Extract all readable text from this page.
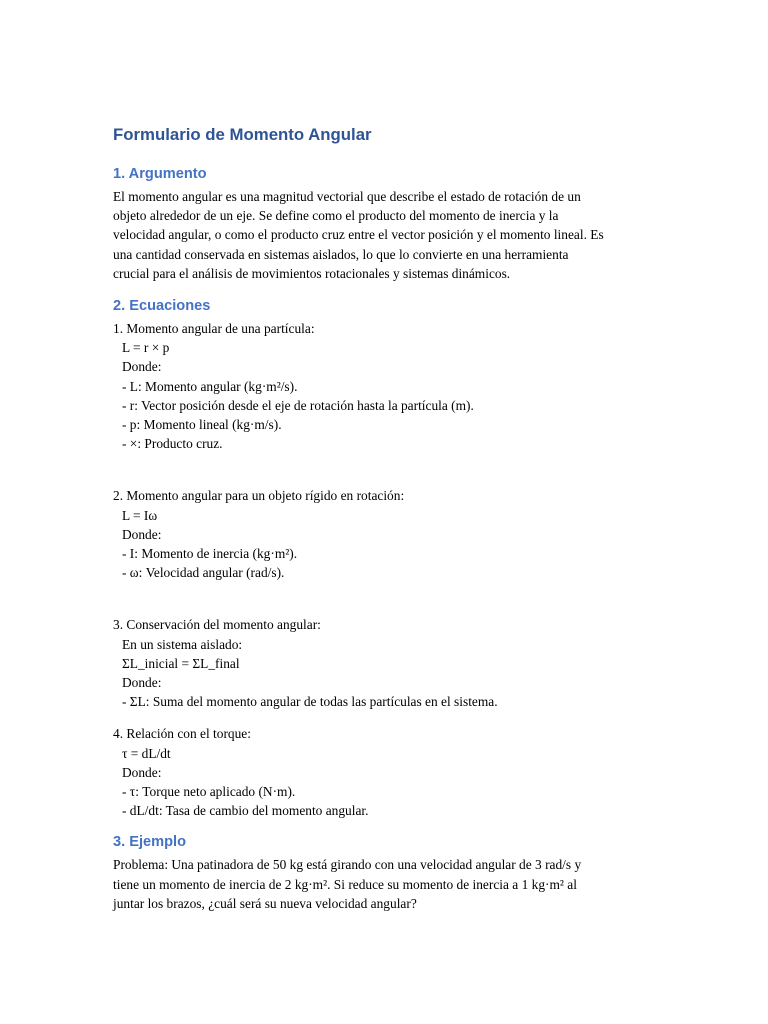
Formulario de Momento Angular
1. Argumento
El momento angular es una magnitud vectorial que describe el estado de rotación de un
objeto alrededor de un eje. Se define como el producto del momento de inercia y la
velocidad angular, o como el producto cruz entre el vector posición y el momento lineal. Es
una cantidad conservada en sistemas aislados, lo que lo convierte en una herramienta
crucial para el análisis de movimientos rotacionales y sistemas dinámicos.
2. Ecuaciones
1. Momento angular de una partícula:
L = r × p
Donde:
- L: Momento angular (kg·m²/s).
- r: Vector posición desde el eje de rotación hasta la partícula (m).
- p: Momento lineal (kg·m/s).
- ×: Producto cruz.
2. Momento angular para un objeto rígido en rotación:
L = Iω
Donde:
- I: Momento de inercia (kg·m²).
- ω: Velocidad angular (rad/s).
3. Conservación del momento angular:
En un sistema aislado:
ΣL_inicial = ΣL_final
Donde:
- ΣL: Suma del momento angular de todas las partículas en el sistema.
4. Relación con el torque:
τ = dL/dt
Donde:
- τ: Torque neto aplicado (N·m).
- dL/dt: Tasa de cambio del momento angular.
3. Ejemplo
Problema: Una patinadora de 50 kg está girando con una velocidad angular de 3 rad/s y
tiene un momento de inercia de 2 kg·m². Si reduce su momento de inercia a 1 kg·m² al
juntar los brazos, ¿cuál será su nueva velocidad angular?
